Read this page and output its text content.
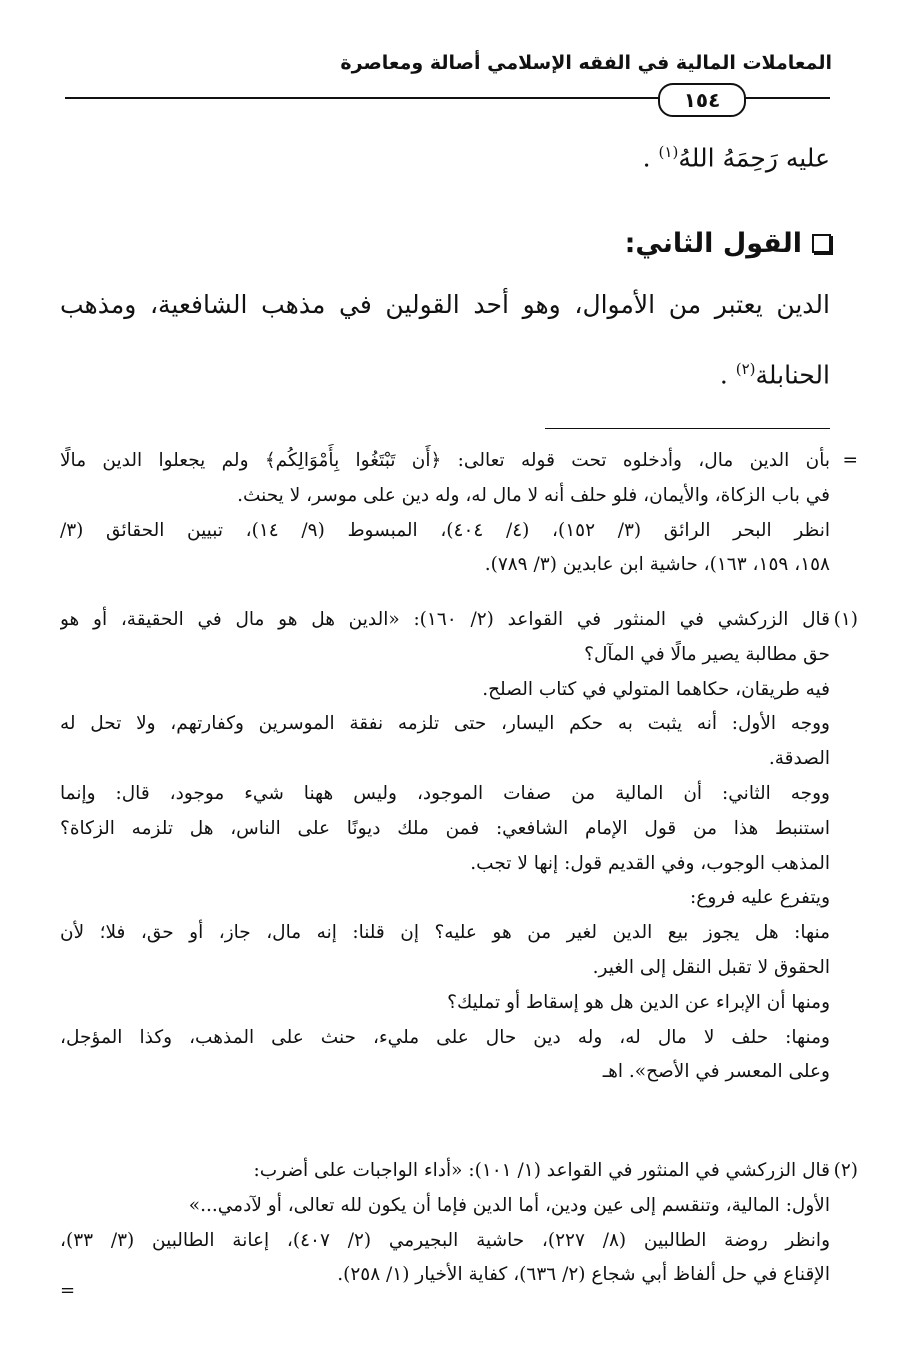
المعاملات المالية في الفقه الإسلامي أصالة ومعاصرة
١٥٤
عليه رَحِمَهُ اللهُ$^{(١)}$ .
القول الثاني:
الدين يعتبر من الأموال، وهو أحد القولين في مذهب الشافعية، ومذهب
الحنابلة$^{(٢)}$ .
=
بأن الدين مال، وأدخلوه تحت قوله تعالى: ﴿أَن تَبْتَغُوا بِأَمْوَالِكُم﴾ ولم يجعلوا الدين مالًا
في باب الزكاة، والأيمان، فلو حلف أنه لا مال له، وله دين على موسر، لا يحنث.
انظر البحر الرائق (٣/ ١٥٢)، (٤/ ٤٠٤)، المبسوط (٩/ ١٤)، تبيين الحقائق (٣/
١٥٨، ١٥٩، ١٦٣)، حاشية ابن عابدين (٣/ ٧٨٩).
(١)
قال الزركشي في المنثور في القواعد (٢/ ١٦٠): «الدين هل هو مال في الحقيقة، أو هو
حق مطالبة يصير مالًا في المآل؟
فيه طريقان، حكاهما المتولي في كتاب الصلح.
ووجه الأول: أنه يثبت به حكم اليسار، حتى تلزمه نفقة الموسرين وكفارتهم، ولا تحل له
الصدقة.
ووجه الثاني: أن المالية من صفات الموجود، وليس ههنا شيء موجود، قال: وإنما
استنبط هذا من قول الإمام الشافعي: فمن ملك ديونًا على الناس، هل تلزمه الزكاة؟
المذهب الوجوب، وفي القديم قول: إنها لا تجب.
ويتفرع عليه فروع:
منها: هل يجوز بيع الدين لغير من هو عليه؟ إن قلنا: إنه مال، جاز، أو حق، فلا؛ لأن
الحقوق لا تقبل النقل إلى الغير.
ومنها أن الإبراء عن الدين هل هو إسقاط أو تمليك؟
ومنها: حلف لا مال له، وله دين حال على مليء، حنث على المذهب، وكذا المؤجل،
وعلى المعسر في الأصح». اهـ
(٢)
قال الزركشي في المنثور في القواعد (١/ ١٠١): «أداء الواجبات على أضرب:
الأول: المالية، وتنقسم إلى عين ودين، أما الدين فإما أن يكون لله تعالى، أو لآدمي...»
وانظر روضة الطالبين (٨/ ٢٢٧)، حاشية البجيرمي (٢/ ٤٠٧)، إعانة الطالبين (٣/ ٣٣)،
الإقناع في حل ألفاظ أبي شجاع (٢/ ٦٣٦)، كفاية الأخيار (١/ ٢٥٨).
=
